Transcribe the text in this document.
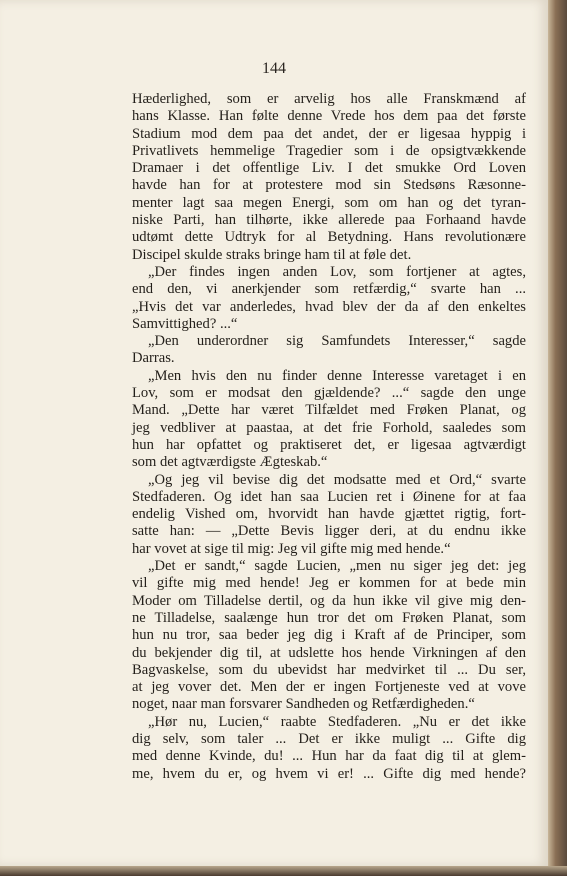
144
Hæderlighed, som er arvelig hos alle Franskmænd af
hans Klasse. Han følte denne Vrede hos dem paa det første
Stadium mod dem paa det andet, der er ligesaa hyppig i
Privatlivets hemmelige Tragedier som i de opsigtvækkende
Dramaer i det offentlige Liv. I det smukke Ord Loven
havde han for at protestere mod sin Stedsøns Ræsonne-
menter lagt saa megen Energi, som om han og det tyran-
niske Parti, han tilhørte, ikke allerede paa Forhaand havde
udtømt dette Udtryk for al Betydning. Hans revolutionære
Discipel skulde straks bringe ham til at føle det.
„Der findes ingen anden Lov, som fortjener at agtes,
end den, vi anerkjender som retfærdig,“ svarte han ...
„Hvis det var anderledes, hvad blev der da af den enkeltes
Samvittighed? ...“
„Den underordner sig Samfundets Interesser,“ sagde
Darras.
„Men hvis den nu finder denne Interesse varetaget i en
Lov, som er modsat den gjældende? ...“ sagde den unge
Mand. „Dette har været Tilfældet med Frøken Planat, og
jeg vedbliver at paastaa, at det frie Forhold, saaledes som
hun har opfattet og praktiseret det, er ligesaa agtværdigt
som det agtværdigste Ægteskab.“
„Og jeg vil bevise dig det modsatte med et Ord,“ svarte
Stedfaderen. Og idet han saa Lucien ret i Øinene for at faa
endelig Vished om, hvorvidt han havde gjættet rigtig, fort-
satte han: — „Dette Bevis ligger deri, at du endnu ikke
har vovet at sige til mig: Jeg vil gifte mig med hende.“
„Det er sandt,“ sagde Lucien, „men nu siger jeg det: jeg
vil gifte mig med hende! Jeg er kommen for at bede min
Moder om Tilladelse dertil, og da hun ikke vil give mig den-
ne Tilladelse, saalænge hun tror det om Frøken Planat, som
hun nu tror, saa beder jeg dig i Kraft af de Principer, som
du bekjender dig til, at udslette hos hende Virkningen af den
Bagvaskelse, som du ubevidst har medvirket til ... Du ser,
at jeg vover det. Men der er ingen Fortjeneste ved at vove
noget, naar man forsvarer Sandheden og Retfærdigheden.“
„Hør nu, Lucien,“ raabte Stedfaderen. „Nu er det ikke
dig selv, som taler ... Det er ikke muligt ... Gifte dig
med denne Kvinde, du! ... Hun har da faat dig til at glem-
me, hvem du er, og hvem vi er! ... Gifte dig med hende?
